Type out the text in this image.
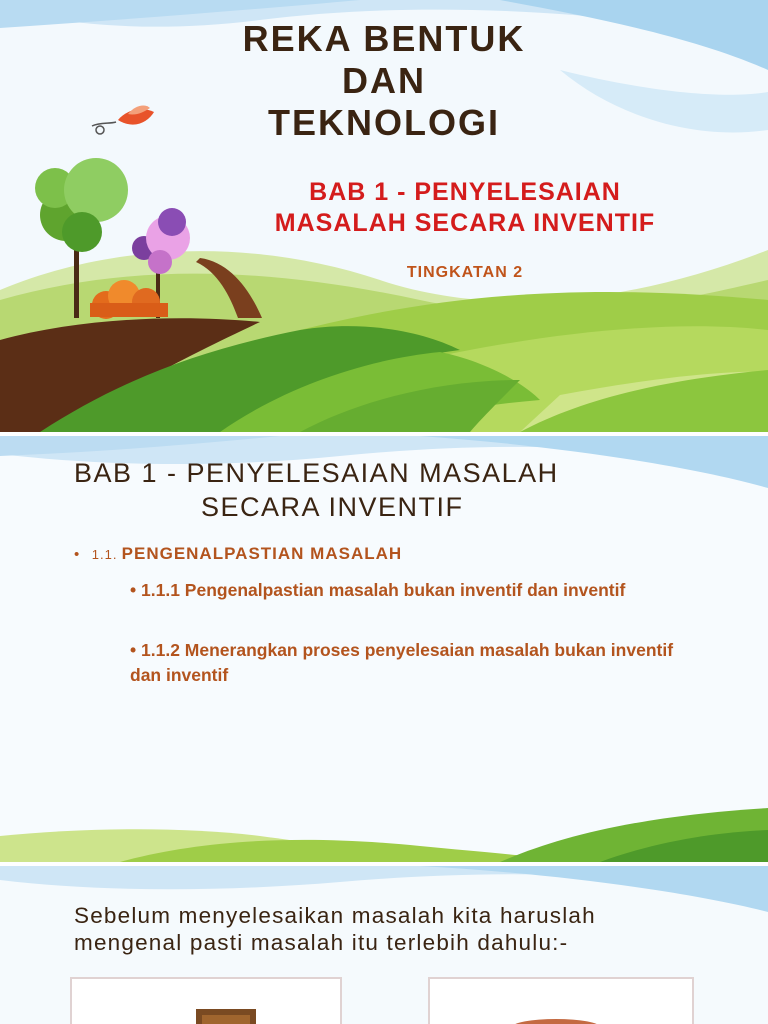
REKA BENTUK
DAN
TEKNOLOGI
BAB 1 - PENYELESAIAN
MASALAH SECARA INVENTIF

TINGKATAN 2

BAB 1 - PENYELESAIAN MASALAH
SECARA INVENTIF
• 1.1. PENGENALPASTIAN MASALAH
• 1.1.1 Pengenalpastian masalah bukan inventif dan inventif
• 1.1.2 Menerangkan proses penyelesaian masalah bukan inventif dan inventif

Sebelum menyelesaikan masalah kita haruslah
mengenal pasti masalah itu terlebih dahulu:-
